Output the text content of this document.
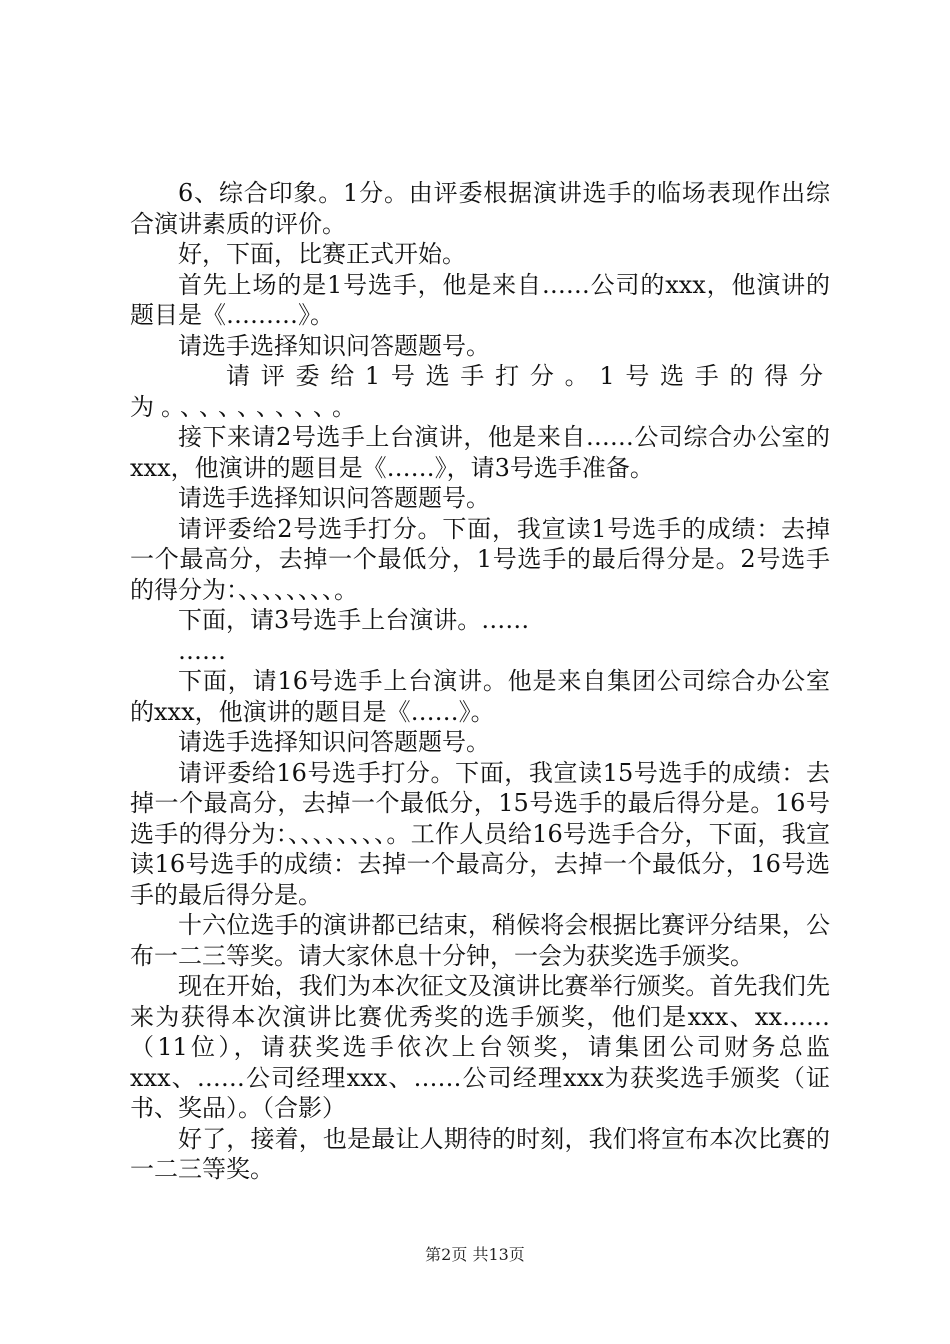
6、综合印象。1分。由评委根据演讲选手的临场表现作出综合演讲素质的评价。

好，下面，比赛正式开始。

首先上场的是1号选手，他是来自……公司的xxx，他演讲的题目是《………》。

请选手选择知识问答题题号。

请评委给1号选手打分。1号选手的得分为。、、、、、、、、。

接下来请2号选手上台演讲，他是来自……公司综合办公室的xxx，他演讲的题目是《……》，请3号选手准备。

请选手选择知识问答题题号。

请评委给2号选手打分。下面，我宣读1号选手的成绩：去掉一个最高分，去掉一个最低分，1号选手的最后得分是。2号选手的得分为：、、、、、、、、。

下面，请3号选手上台演讲。……

……

下面，请16号选手上台演讲。他是来自集团公司综合办公室的xxx，他演讲的题目是《……》。

请选手选择知识问答题题号。

请评委给16号选手打分。下面，我宣读15号选手的成绩：去掉一个最高分，去掉一个最低分，15号选手的最后得分是。16号选手的得分为：、、、、、、、、。工作人员给16号选手合分，下面，我宣读16号选手的成绩：去掉一个最高分，去掉一个最低分，16号选手的最后得分是。

十六位选手的演讲都已结束，稍候将会根据比赛评分结果，公布一二三等奖。请大家休息十分钟，一会为获奖选手颁奖。

现在开始，我们为本次征文及演讲比赛举行颁奖。首先我们先来为获得本次演讲比赛优秀奖的选手颁奖，他们是xxx、xx……（11位），请获奖选手依次上台领奖，请集团公司财务总监xxx、……公司经理xxx、……公司经理xxx为获奖选手颁奖（证书、奖品）。（合影）

好了，接着，也是最让人期待的时刻，我们将宣布本次比赛的一二三等奖。

第2页 共13页
